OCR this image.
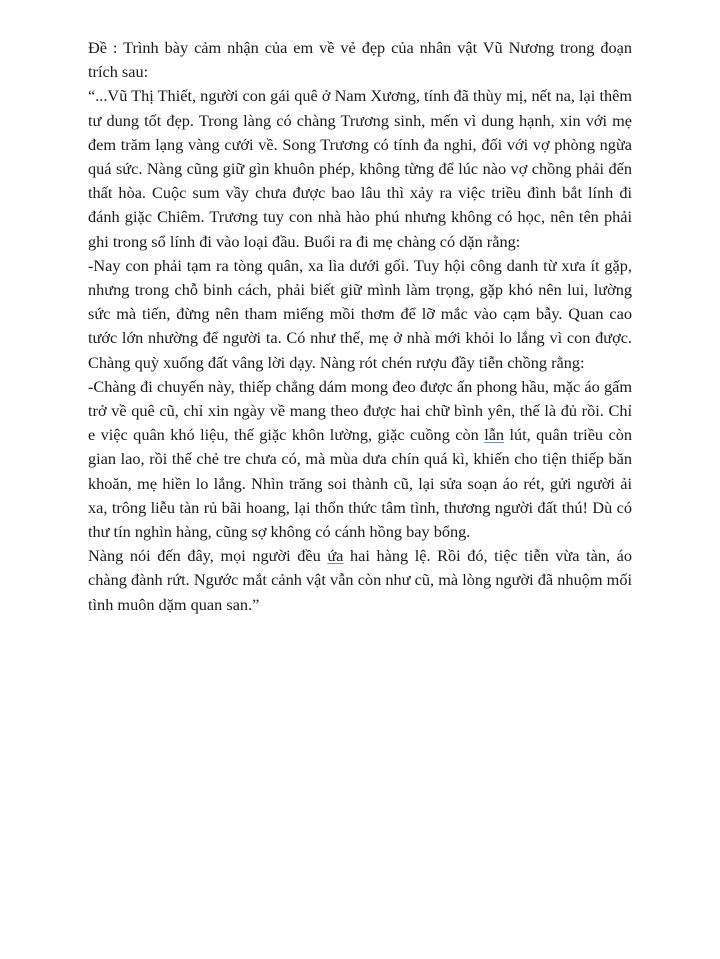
Đề : Trình bày cảm nhận của em về vẻ đẹp của nhân vật Vũ Nương trong đoạn trích sau:

“...Vũ Thị Thiết, người con gái quê ở Nam Xương, tính đã thùy mị, nết na, lại thêm tư dung tốt đẹp. Trong làng có chàng Trương sinh, mến vì dung hạnh, xin với mẹ đem trăm lạng vàng cưới về. Song Trương có tính đa nghi, đối với vợ phòng ngừa quá sức. Nàng cũng giữ gìn khuôn phép, không từng để lúc nào vợ chồng phải đến thất hòa. Cuộc sum vầy chưa được bao lâu thì xảy ra việc triều đình bắt lính đi đánh giặc Chiêm. Trương tuy con nhà hào phú nhưng không có học, nên tên phải ghi trong sổ lính đi vào loại đầu. Buổi ra đi mẹ chàng có dặn rằng:

-Nay con phải tạm ra tòng quân, xa lìa dưới gối. Tuy hội công danh từ xưa ít gặp, nhưng trong chỗ binh cách, phải biết giữ mình làm trọng, gặp khó nên lui, lường sức mà tiến, đừng nên tham miếng mồi thơm để lỡ mắc vào cạm bẫy. Quan cao tước lớn nhường để người ta. Có như thế, mẹ ở nhà mới khỏi lo lắng vì con được. Chàng quỳ xuống đất vâng lời dạy. Nàng rót chén rượu đầy tiễn chồng rằng:

-Chàng đi chuyến này, thiếp chẳng dám mong đeo được ấn phong hầu, mặc áo gấm trở về quê cũ, chỉ xin ngày về mang theo được hai chữ bình yên, thế là đủ rồi. Chỉ e việc quân khó liệu, thế giặc khôn lường, giặc cuồng còn lẫn lút, quân triều còn gian lao, rồi thế chẻ tre chưa có, mà mùa dưa chín quá kì, khiến cho tiện thiếp băn khoăn, mẹ hiền lo lắng. Nhìn trăng soi thành cũ, lại sửa soạn áo rét, gửi người ải xa, trông liễu tàn rủ bãi hoang, lại thổn thức tâm tình, thương người đất thú! Dù có thư tín nghìn hàng, cũng sợ không có cánh hồng bay bổng.

Nàng nói đến đây, mọi người đều ứa hai hàng lệ. Rồi đó, tiệc tiễn vừa tàn, áo chàng đành rứt. Ngước mắt cảnh vật vẫn còn như cũ, mà lòng người đã nhuộm mối tình muôn dặm quan san.”
